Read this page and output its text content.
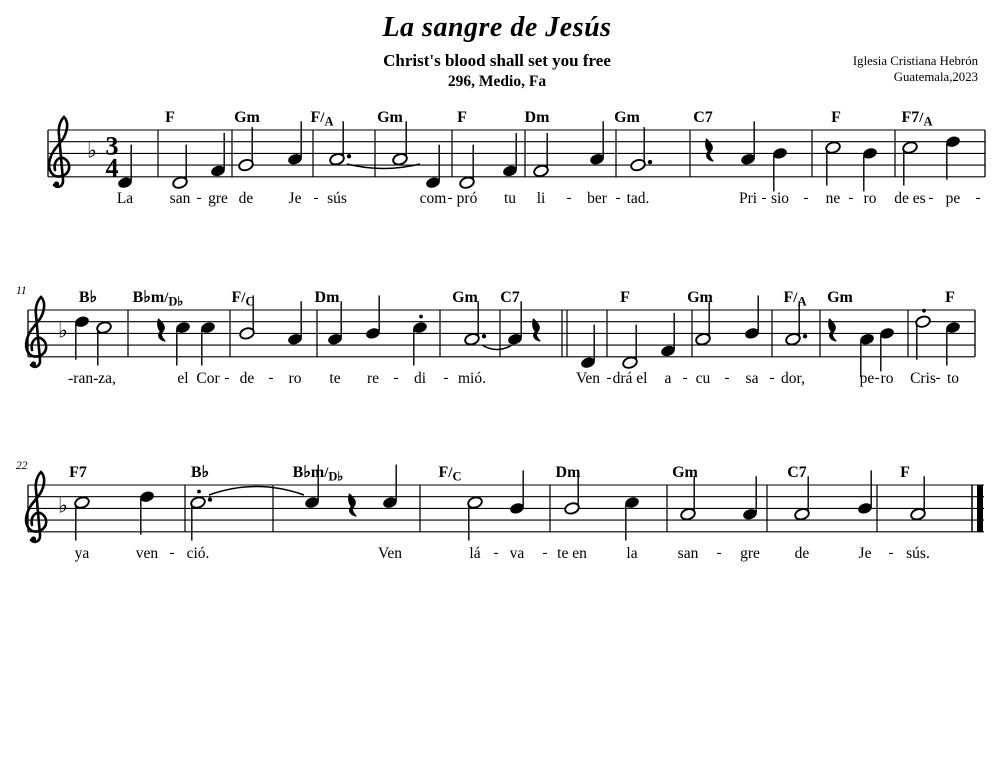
La sangre de Jesús
Christ's blood shall set you free
296, Medio, Fa
Iglesia Cristiana Hebrón
Guatemala,2023
♭ 3
4
F	Gm	$F/_A$	Gm	F	Dm	Gm	C7	F	$F7/_A$
La san gre de Je sús	com pró tu li	ber tad.	Pri sio ne ro de es pe
-	-	-	-	-	- -	-	-	-
♭
11	B♭ $B♭m/_{D♭}$	$F/_C$	Dm	Gm C7	F	Gm	$F/_A$ Gm	F
-ran-za,	el Cor de ro te re di mió.	Ven drá el a cu sa dor,	pe ro Cris to
-	-	-	-	-	- -	-	-	-
♭
22	F7	B♭	$B♭m/_{D♭}$	$F/_C$	Dm	Gm	C7	F
ya	ven ció.	Ven	lá va te en	la	san	gre de	Je sús.
-	-	-	-	-
